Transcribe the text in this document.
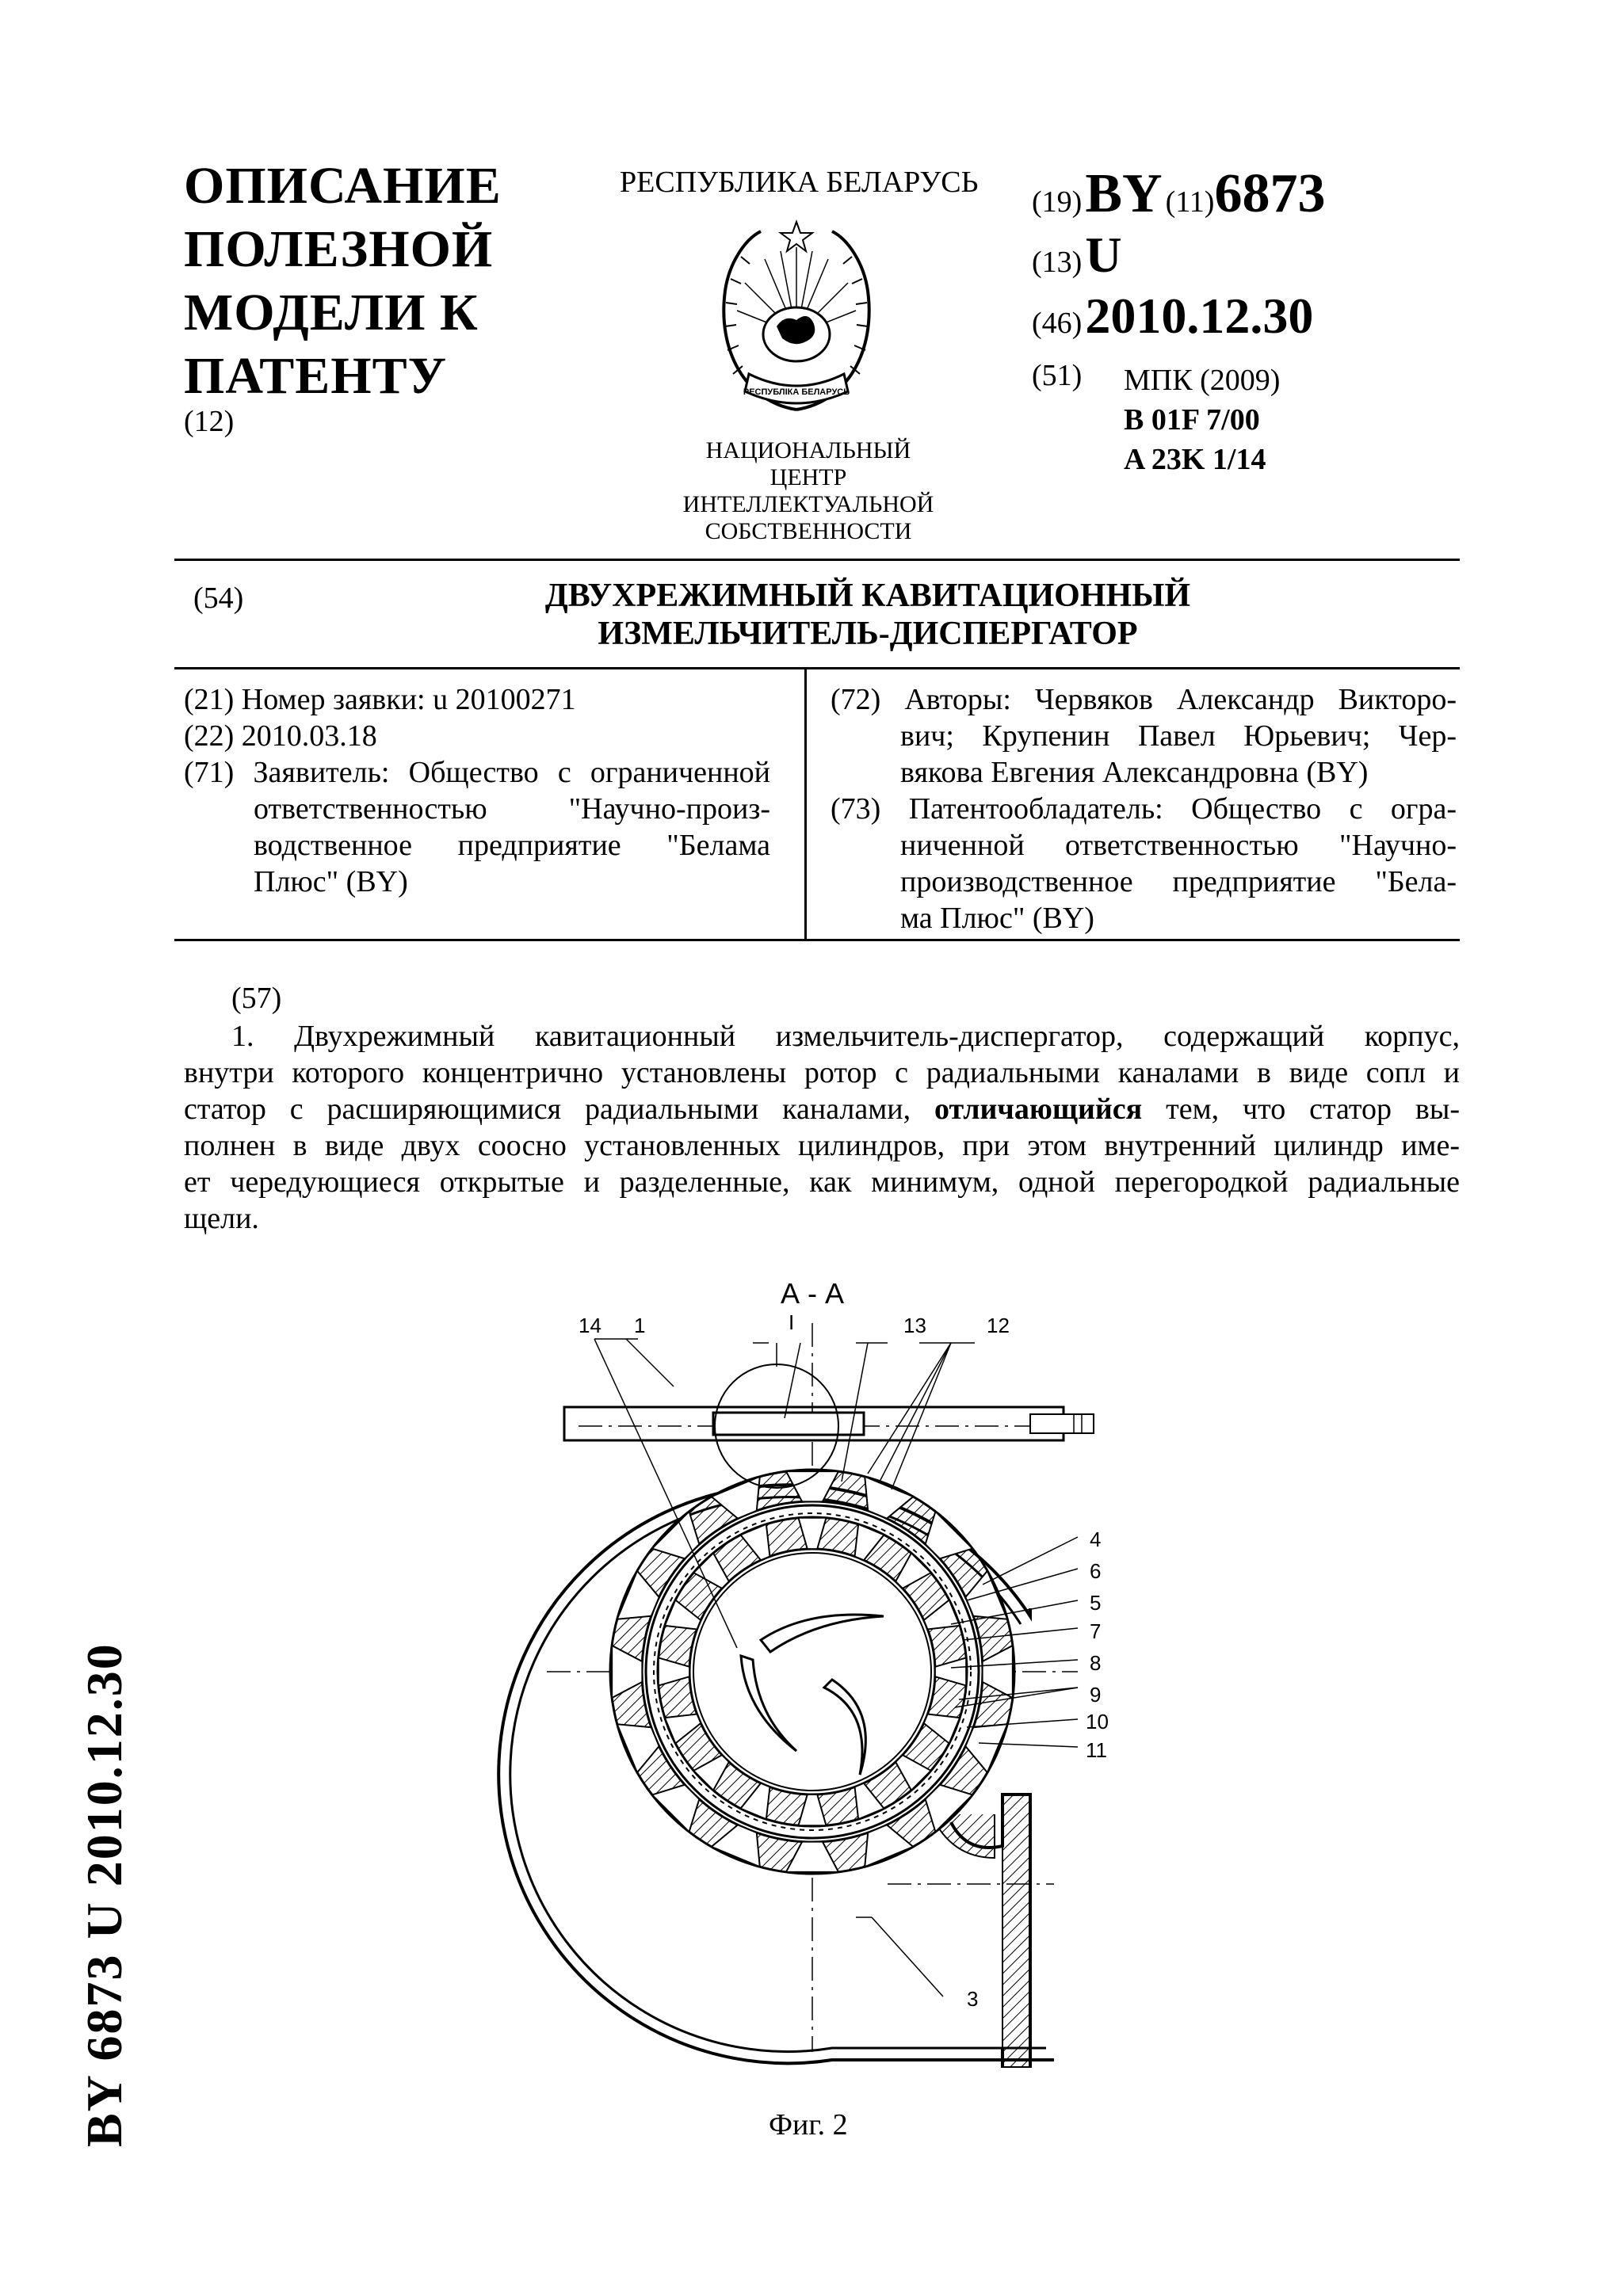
ОПИСАНИЕ
ПОЛЕЗНОЙ
МОДЕЛИ К
ПАТЕНТУ
(12)
РЕСПУБЛИКА БЕЛАРУСЬ
РЕСПУБЛІКА БЕЛАРУСЬ
НАЦИОНАЛЬНЫЙ ЦЕНТР
ИНТЕЛЛЕКТУАЛЬНОЙ
СОБСТВЕННОСТИ
(19) BY (11)6873
(13) U
(46) 2010.12.30
(51) МПК (2009)
B 01F 7/00
A 23K 1/14
(54)	ДВУХРЕЖИМНЫЙ КАВИТАЦИОННЫЙ
ИЗМЕЛЬЧИТЕЛЬ-ДИСПЕРГАТОР
(21) Номер заявки: u 20100271
(22) 2010.03.18
(71) Заявитель: Общество с ограниченной
ответственностью "Научно-произ-
водственное предприятие "Белама
Плюс" (BY)
(72) Авторы: Червяков Александр Викторо-
вич; Крупенин Павел Юрьевич; Чер-
вякова Евгения Александровна (BY)
(73) Патентообладатель: Общество с огра-
ниченной ответственностью "Научно-
производственное предприятие "Бела-
ма Плюс" (BY)
(57)
1. Двухрежимный кавитационный измельчитель-диспергатор, содержащий корпус,
внутри которого концентрично установлены ротор с радиальными каналами в виде сопл и
статор с расширяющимися радиальными каналами, отличающийся тем, что статор вы-
полнен в виде двух соосно установленных цилиндров, при этом внутренний цилиндр име-
ет чередующиеся открытые и разделенные, как минимум, одной перегородкой радиальные
щели.
А - А
14 1	I	13	12
4
6
5
7
8
9
10
11
3
Фиг. 2
BY 6873 U 2010.12.30
